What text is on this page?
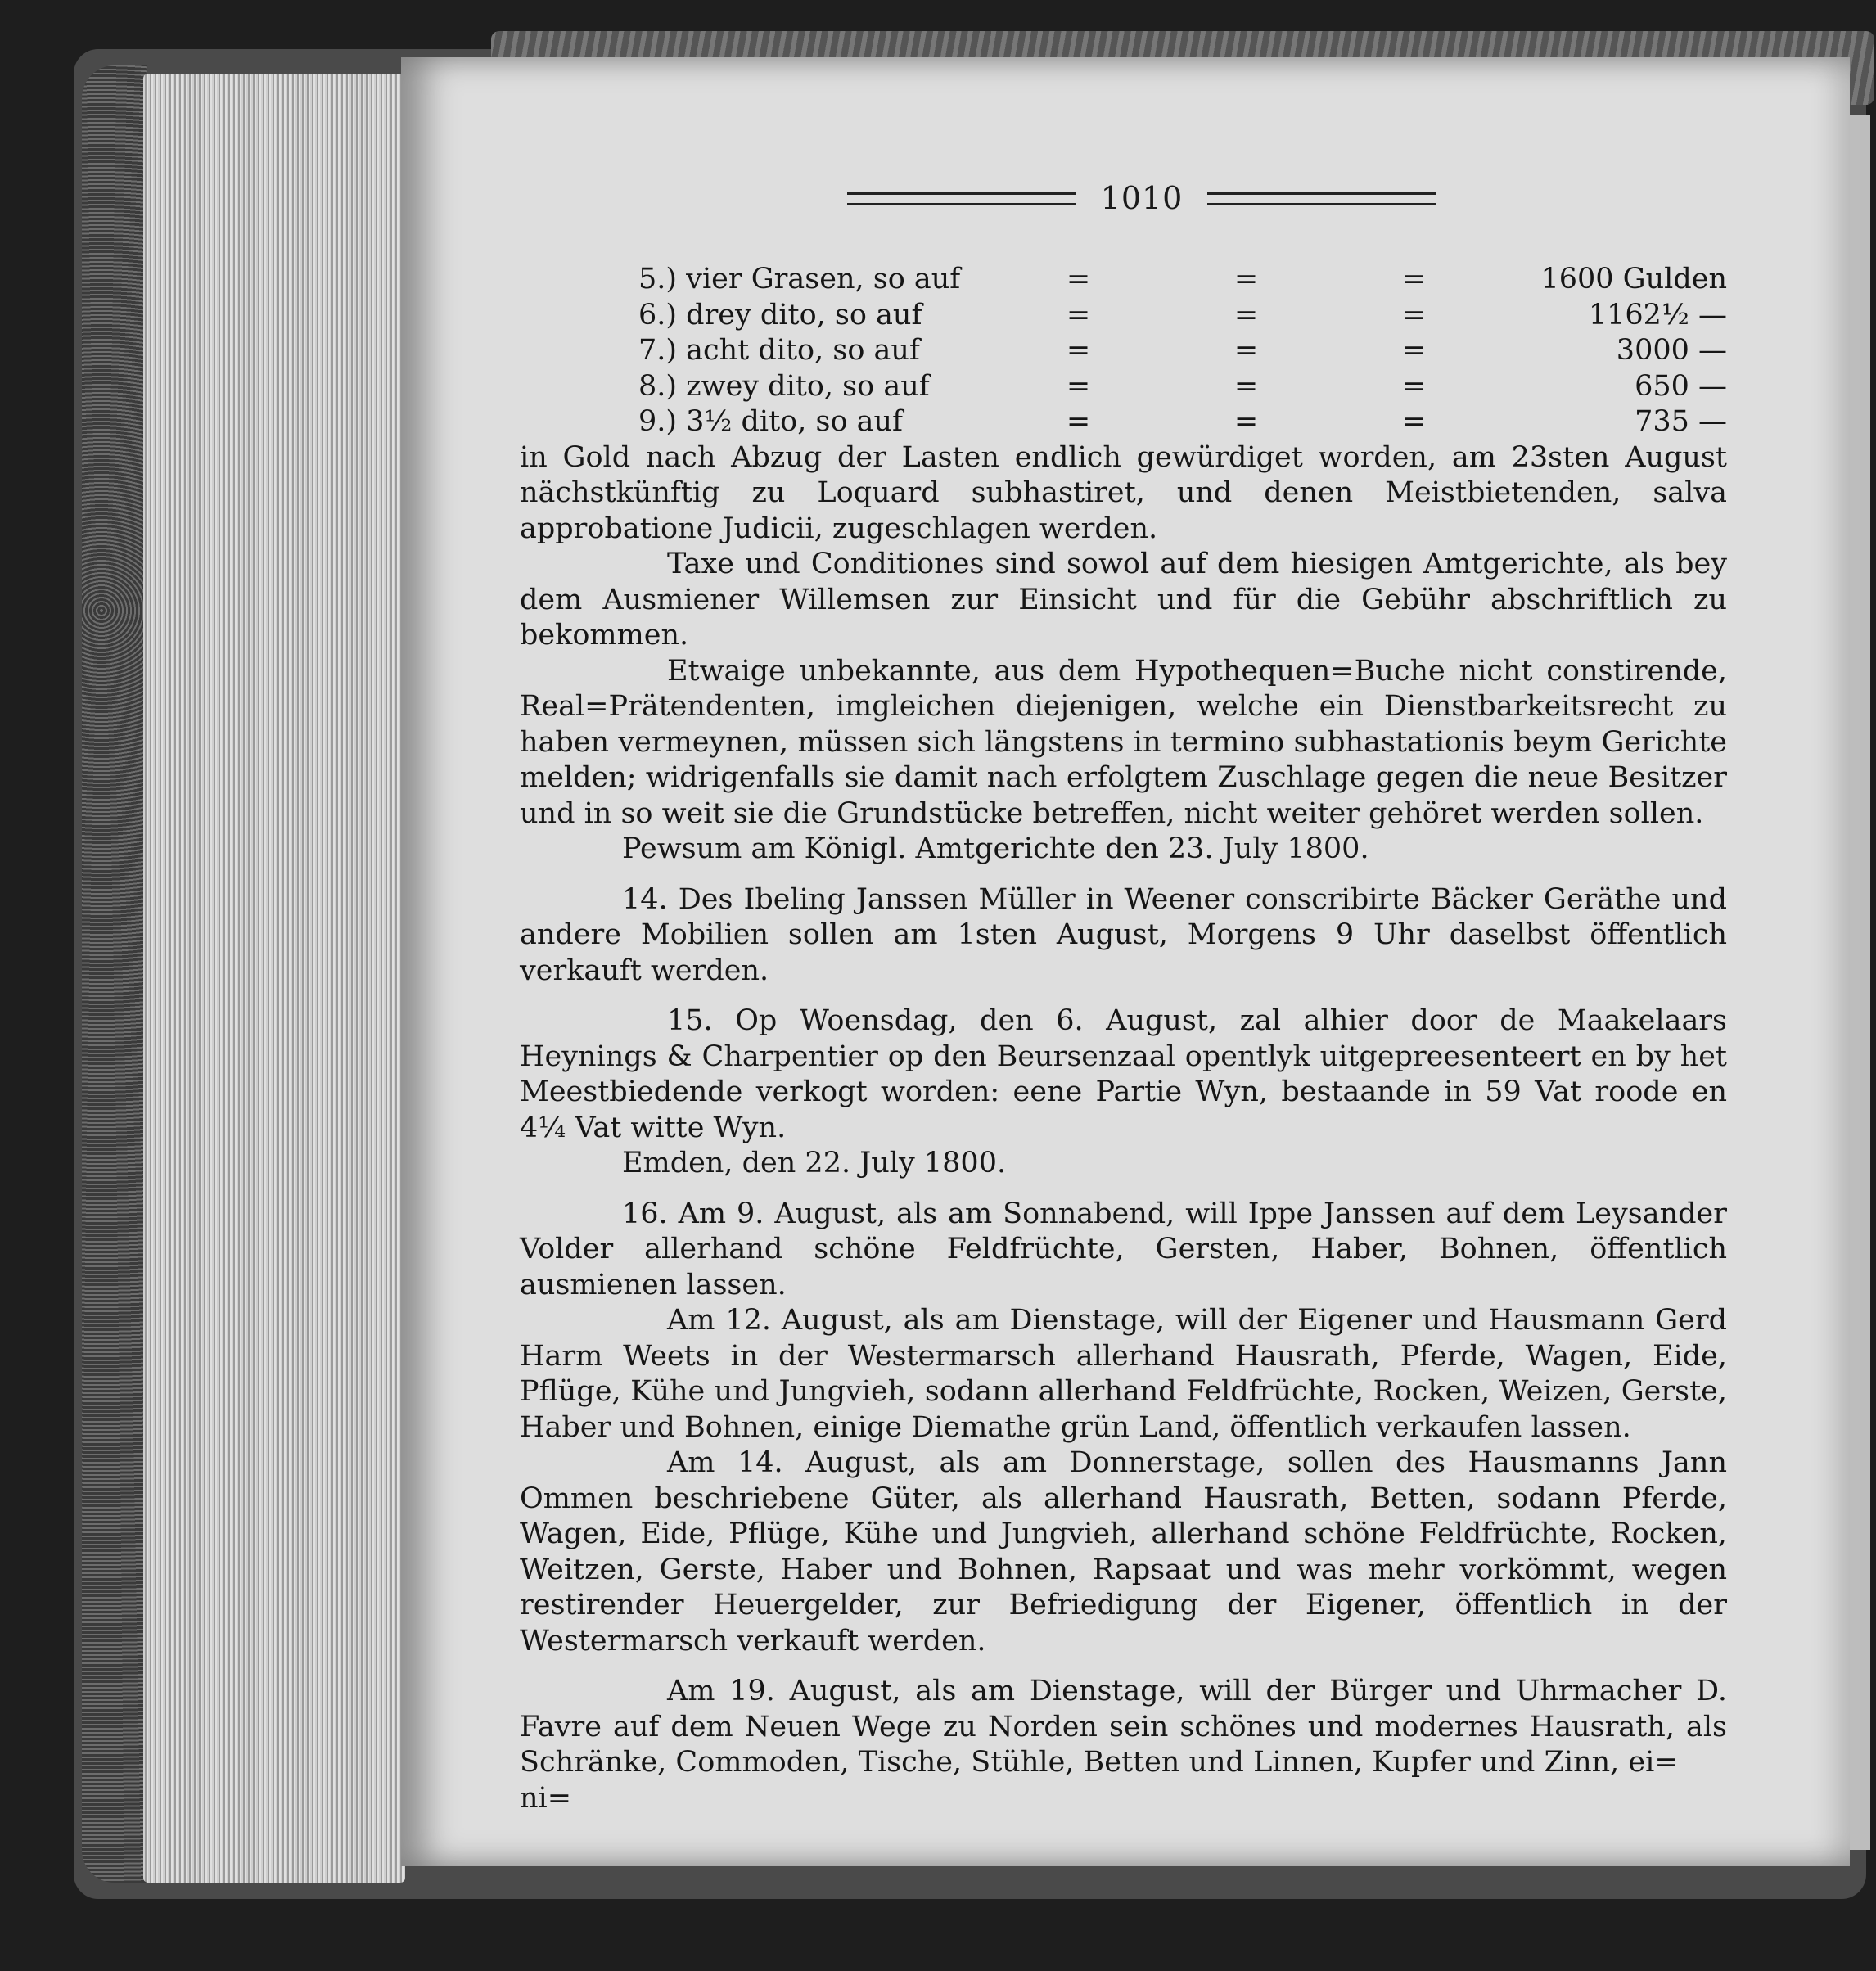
1010
5.) vier Grasen, so auf	=	=	=	1600 Gulden
6.) drey dito, so auf	=	=	=	1162½ —
7.) acht dito, so auf	=	=	=	3000 —
8.) zwey dito, so auf	=	=	=	650 —
9.) 3½ dito, so auf	=	=	=	735 —

in Gold nach Abzug der Lasten endlich gewürdiget worden, am 23sten August nächstkünftig zu Loquard subhastiret, und denen Meistbietenden, salva approbatione Judicii, zugeschlagen werden.

Taxe und Conditiones sind sowol auf dem hiesigen Amtgerichte, als bey dem Ausmiener Willemsen zur Einsicht und für die Gebühr abschriftlich zu bekommen.

Etwaige unbekannte, aus dem Hypothequen=Buche nicht constirende, Real=Prätendenten, imgleichen diejenigen, welche ein Dienstbarkeitsrecht zu haben vermeynen, müssen sich längstens in termino subhastationis beym Gerichte melden; widrigenfalls sie damit nach erfolgtem Zuschlage gegen die neue Besitzer und in so weit sie die Grundstücke betreffen, nicht weiter gehöret werden sollen.

Pewsum am Königl. Amtgerichte den 23. July 1800.

14. Des Ibeling Janssen Müller in Weener conscribirte Bäcker Geräthe und andere Mobilien sollen am 1sten August, Morgens 9 Uhr daselbst öffentlich verkauft werden.

15. Op Woensdag, den 6. August, zal alhier door de Maakelaars Heynings & Charpentier op den Beursenzaal opentlyk uitgepreesenteert en by het Meestbiedende verkogt worden: eene Partie Wyn, bestaande in 59 Vat roode en 4¼ Vat witte Wyn.

Emden, den 22. July 1800.

16. Am 9. August, als am Sonnabend, will Ippe Janssen auf dem Leysander Volder allerhand schöne Feldfrüchte, Gersten, Haber, Bohnen, öffentlich ausmienen lassen.

Am 12. August, als am Dienstage, will der Eigener und Hausmann Gerd Harm Weets in der Westermarsch allerhand Hausrath, Pferde, Wagen, Eide, Pflüge, Kühe und Jungvieh, sodann allerhand Feldfrüchte, Rocken, Weizen, Gerste, Haber und Bohnen, einige Diemathe grün Land, öffentlich verkaufen lassen.

Am 14. August, als am Donnerstage, sollen des Hausmanns Jann Ommen beschriebene Güter, als allerhand Hausrath, Betten, sodann Pferde, Wagen, Eide, Pflüge, Kühe und Jungvieh, allerhand schöne Feldfrüchte, Rocken, Weitzen, Gerste, Haber und Bohnen, Rapsaat und was mehr vorkömmt, wegen restirender Heuergelder, zur Befriedigung der Eigener, öffentlich in der Westermarsch verkauft werden.

Am 19. August, als am Dienstage, will der Bürger und Uhrmacher D. Favre auf dem Neuen Wege zu Norden sein schönes und modernes Hausrath, als Schränke, Commoden, Tische, Stühle, Betten und Linnen, Kupfer und Zinn, ei=

ni=
